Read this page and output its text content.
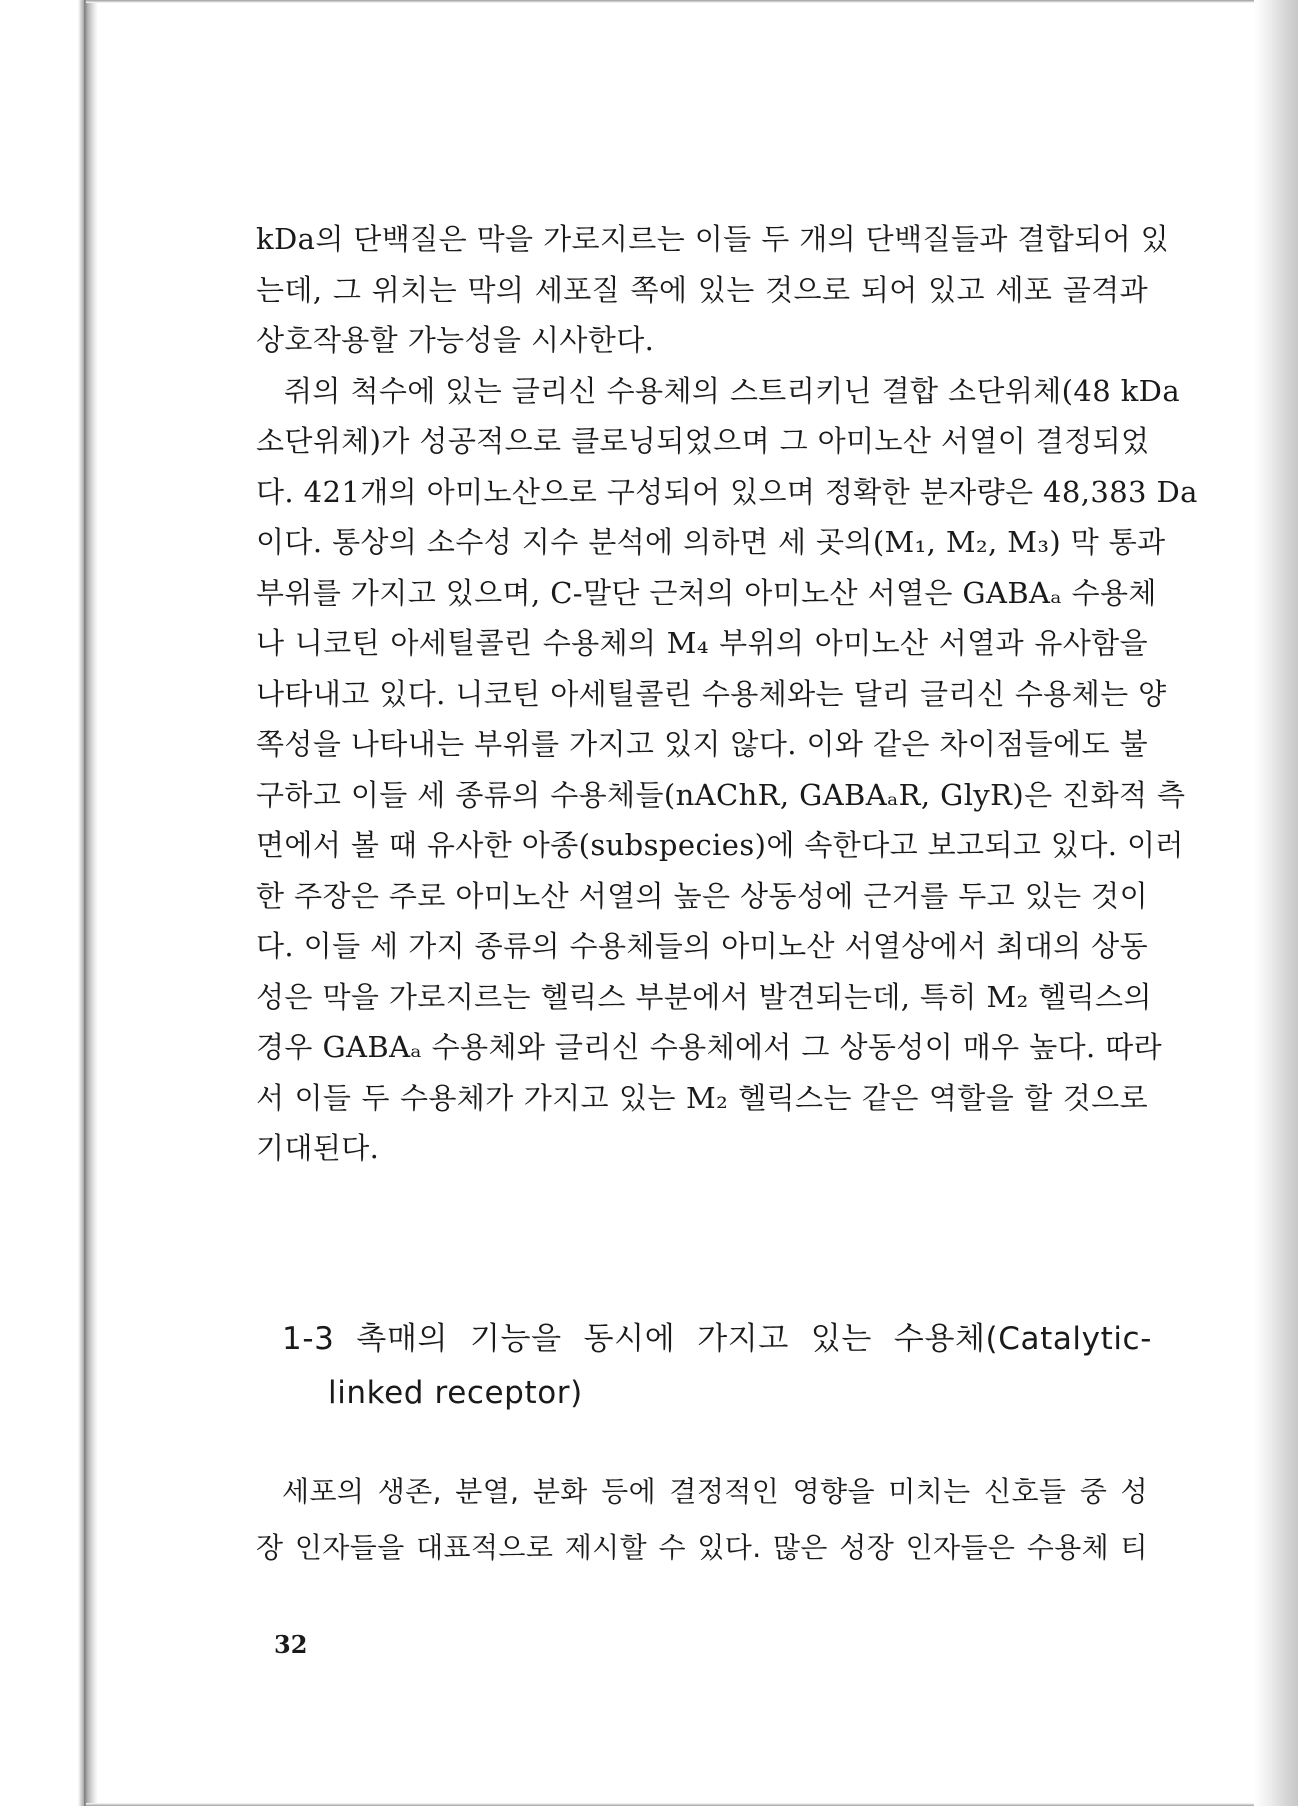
kDa의 단백질은 막을 가로지르는 이들 두 개의 단백질들과 결합되어 있
는데, 그 위치는 막의 세포질 쪽에 있는 것으로 되어 있고 세포 골격과
상호작용할 가능성을 시사한다.

쥐의 척수에 있는 글리신 수용체의 스트리키닌 결합 소단위체(48 kDa
소단위체)가 성공적으로 클로닝되었으며 그 아미노산 서열이 결정되었
다. 421개의 아미노산으로 구성되어 있으며 정확한 분자량은 48,383 Da
이다. 통상의 소수성 지수 분석에 의하면 세 곳의(M₁, M₂, M₃) 막 통과
부위를 가지고 있으며, C-말단 근처의 아미노산 서열은 GABAₐ 수용체
나 니코틴 아세틸콜린 수용체의 M₄ 부위의 아미노산 서열과 유사함을
나타내고 있다. 니코틴 아세틸콜린 수용체와는 달리 글리신 수용체는 양
쪽성을 나타내는 부위를 가지고 있지 않다. 이와 같은 차이점들에도 불
구하고 이들 세 종류의 수용체들(nAChR, GABAₐR, GlyR)은 진화적 측
면에서 볼 때 유사한 아종(subspecies)에 속한다고 보고되고 있다. 이러
한 주장은 주로 아미노산 서열의 높은 상동성에 근거를 두고 있는 것이
다. 이들 세 가지 종류의 수용체들의 아미노산 서열상에서 최대의 상동
성은 막을 가로지르는 헬릭스 부분에서 발견되는데, 특히 M₂ 헬릭스의
경우 GABAₐ 수용체와 글리신 수용체에서 그 상동성이 매우 높다. 따라
서 이들 두 수용체가 가지고 있는 M₂ 헬릭스는 같은 역할을 할 것으로
기대된다.

1-3 촉매의 기능을 동시에 가지고 있는 수용체(Catalytic-
linked receptor)
세포의 생존, 분열, 분화 등에 결정적인 영향을 미치는 신호들 중 성
장 인자들을 대표적으로 제시할 수 있다. 많은 성장 인자들은 수용체 티
32
